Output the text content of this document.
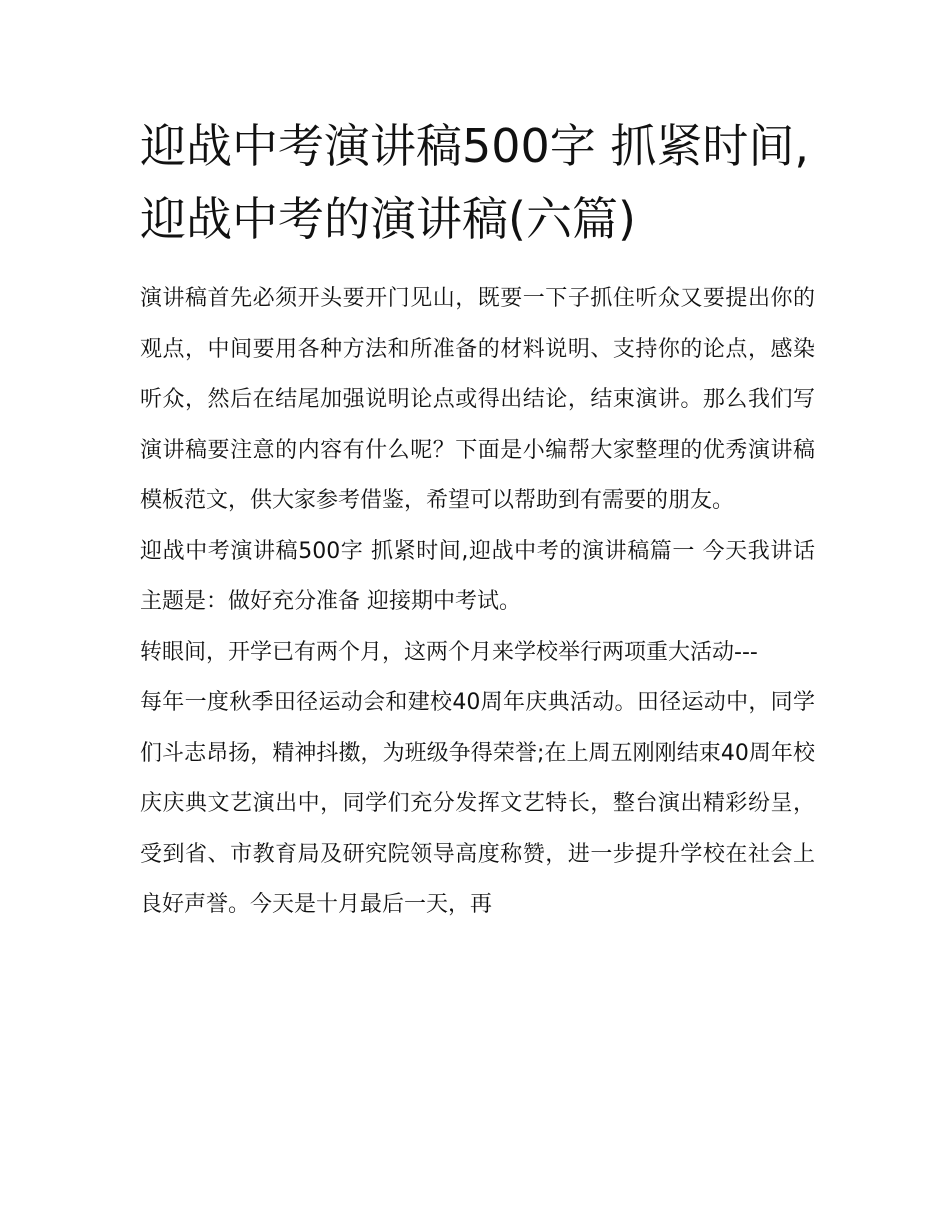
迎战中考演讲稿500字 抓紧时间,迎战中考的演讲稿(六篇)

演讲稿首先必须开头要开门见山，既要一下子抓住听众又要提出你的观点，中间要用各种方法和所准备的材料说明、支持你的论点，感染听众，然后在结尾加强说明论点或得出结论，结束演讲。那么我们写演讲稿要注意的内容有什么呢？下面是小编帮大家整理的优秀演讲稿模板范文，供大家参考借鉴，希望可以帮助到有需要的朋友。

迎战中考演讲稿500字 抓紧时间,迎战中考的演讲稿篇一 今天我讲话主题是：做好充分准备 迎接期中考试。

转眼间，开学已有两个月，这两个月来学校举行两项重大活动---

每年一度秋季田径运动会和建校40周年庆典活动。田径运动中，同学们斗志昂扬，精神抖擞，为班级争得荣誉;在上周五刚刚结束40周年校庆庆典文艺演出中，同学们充分发挥文艺特长，整台演出精彩纷呈，受到省、市教育局及研究院领导高度称赞，进一步提升学校在社会上良好声誉。今天是十月最后一天，再
